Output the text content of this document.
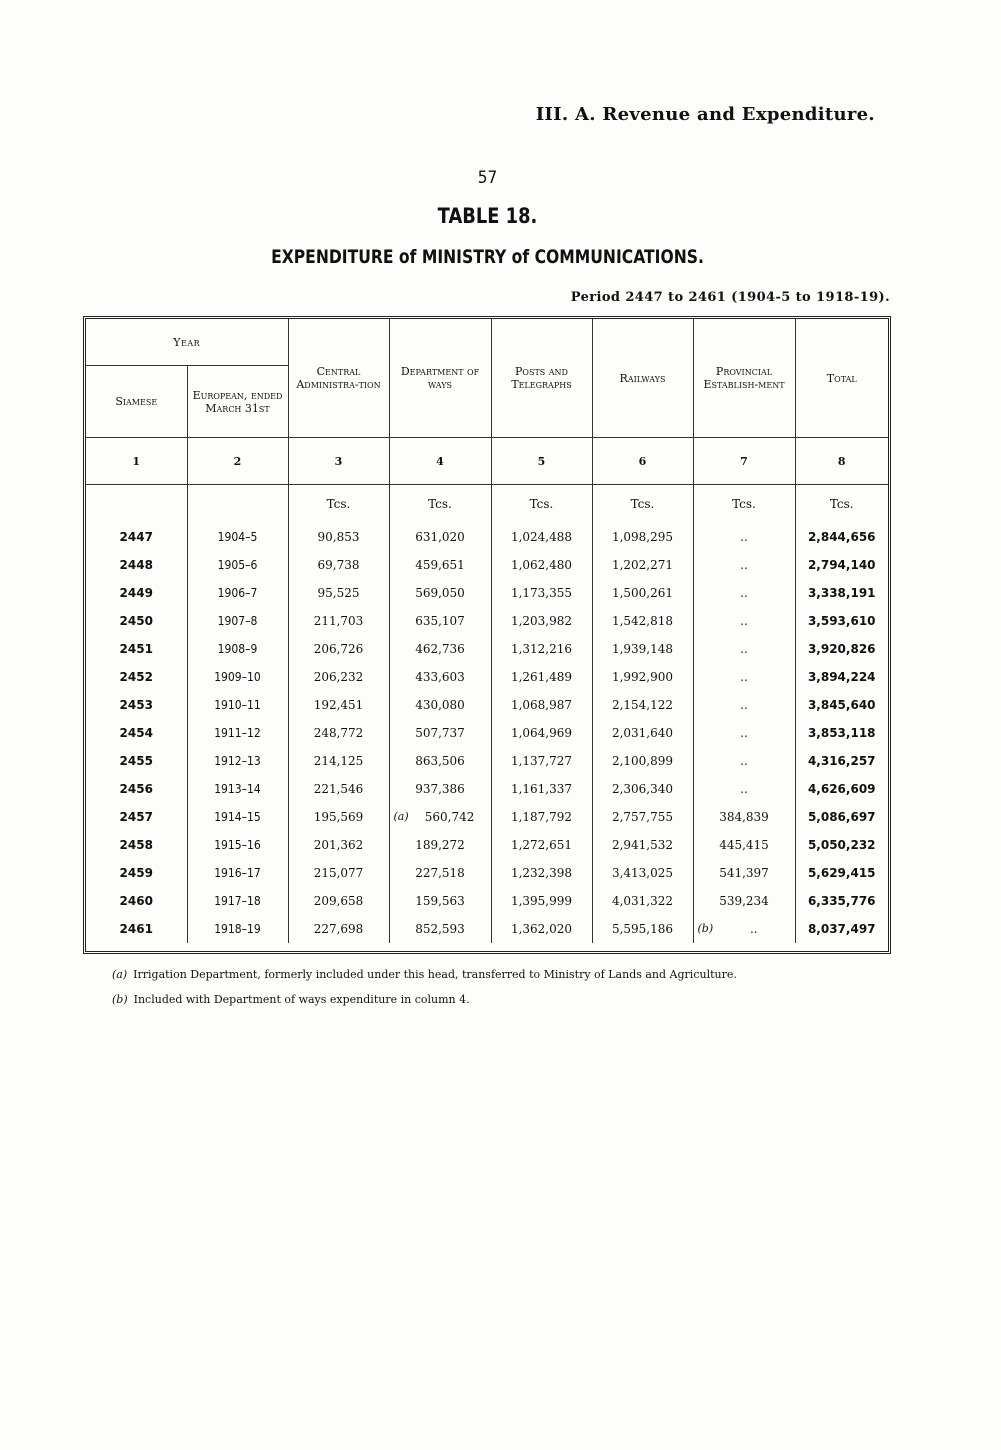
III. A. Revenue and Expenditure.
57
TABLE 18.
EXPENDITURE of MINISTRY of COMMUNICATIONS.
Period 2447 to 2461 (1904-5 to 1918-19).
Year		Central Administra-tion	Department of ways	Posts and Telegraphs	Railways	Provincial Establish-ment	Total
Siamese	European, ended March 31st						
1	2	3	4	5	6	7	8
		Tcs.	Tcs.	Tcs.	Tcs.	Tcs.	Tcs.
2447	1904–5	90,853	631,020	1,024,488	1,098,295	..	2,844,656
2448	1905–6	69,738	459,651	1,062,480	1,202,271	..	2,794,140
2449	1906–7	95,525	569,050	1,173,355	1,500,261	..	3,338,191
2450	1907–8	211,703	635,107	1,203,982	1,542,818	..	3,593,610
2451	1908–9	206,726	462,736	1,312,216	1,939,148	..	3,920,826
2452	1909–10	206,232	433,603	1,261,489	1,992,900	..	3,894,224
2453	1910–11	192,451	430,080	1,068,987	2,154,122	..	3,845,640
2454	1911–12	248,772	507,737	1,064,969	2,031,640	..	3,853,118
2455	1912–13	214,125	863,506	1,137,727	2,100,899	..	4,316,257
2456	1913–14	221,546	937,386	1,161,337	2,306,340	..	4,626,609
2457	1914–15	195,569	(a) 560,742	1,187,792	2,757,755	384,839	5,086,697
2458	1915–16	201,362	189,272	1,272,651	2,941,532	445,415	5,050,232
2459	1916–17	215,077	227,518	1,232,398	3,413,025	541,397	5,629,415
2460	1917–18	209,658	159,563	1,395,999	4,031,322	539,234	6,335,776
2461	1918–19	227,698	852,593	1,362,020	5,595,186	(b) ..	8,037,497
(a) Irrigation Department, formerly included under this head, transferred to Ministry of Lands and Agriculture.
(b) Included with Department of ways expenditure in column 4.
